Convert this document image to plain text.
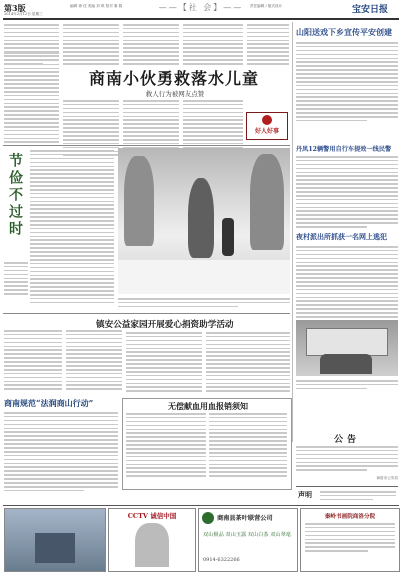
第3版
2014年2月12日 星期三
编辑 徐 佳 美编 刘 琪 校对 秦 娟	——【社 会】—— 责任编辑 / 版式设计	宝安日报
商南小伙勇救落水儿童
救人行为被网友点赞
好人好事
山阳送戏下乡宣传平安创建
丹凤12辆警用自行车提效一线民警
夜村派出所抓获一名网上逃犯
节俭不过时
镇安公益家园开展爱心捐资助学活动
商南规范“法润商山行动”	无偿献血用血报销须知
公告
商洛市公安局
声明
CCTV 诚信中国	商南县茶叶联营公司
双山极品 双山玉露 双山白茶 双山翠毫
0914-6322266
秦岭书画院商洛分院
